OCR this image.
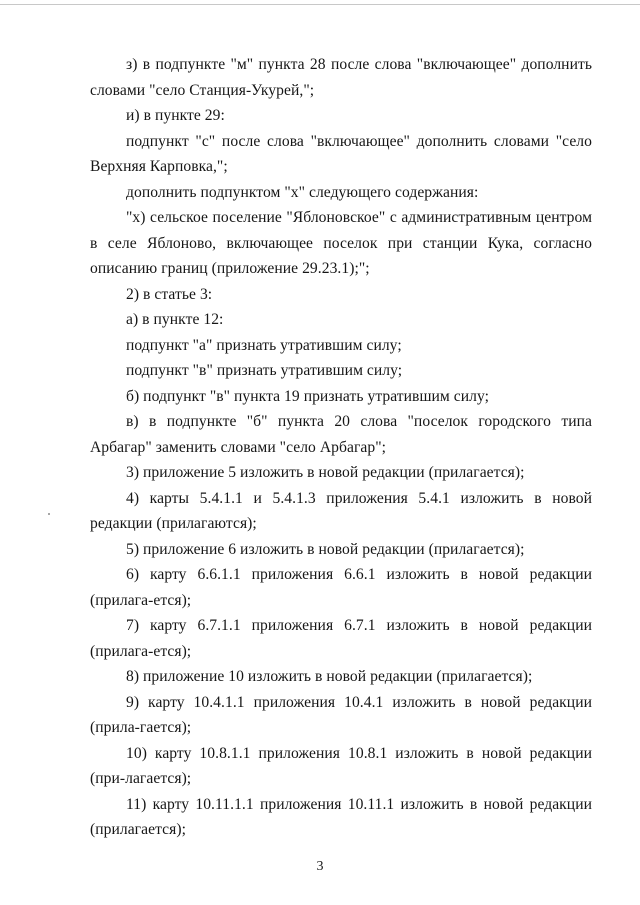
з) в подпункте "м" пункта 28 после слова "включающее" дополнить словами "село Станция-Укурей,";

и) в пункте 29:

подпункт "с" после слова "включающее" дополнить словами "село Верхняя Карповка,";

дополнить подпунктом "х" следующего содержания:

"х) сельское поселение "Яблоновское" с административным центром в селе Яблоново, включающее поселок при станции Кука, согласно описанию границ (приложение 29.23.1);";

2) в статье 3:

а) в пункте 12:

подпункт "а" признать утратившим силу;

подпункт "в" признать утратившим силу;

б) подпункт "в" пункта 19 признать утратившим силу;

в) в подпункте "б" пункта 20 слова "поселок городского типа Арбагар" заменить словами "село Арбагар";

3) приложение 5 изложить в новой редакции (прилагается);

4) карты 5.4.1.1 и 5.4.1.3 приложения 5.4.1 изложить в новой редакции (прилагаются);

5) приложение 6 изложить в новой редакции (прилагается);

6) карту 6.6.1.1 приложения 6.6.1 изложить в новой редакции (прилага-ется);

7) карту 6.7.1.1 приложения 6.7.1 изложить в новой редакции (прилага-ется);

8) приложение 10 изложить в новой редакции (прилагается);

9) карту 10.4.1.1 приложения 10.4.1 изложить в новой редакции (прила-гается);

10) карту 10.8.1.1 приложения 10.8.1 изложить в новой редакции (при-лагается);

11) карту 10.11.1.1 приложения 10.11.1 изложить в новой редакции (прилагается);

3
